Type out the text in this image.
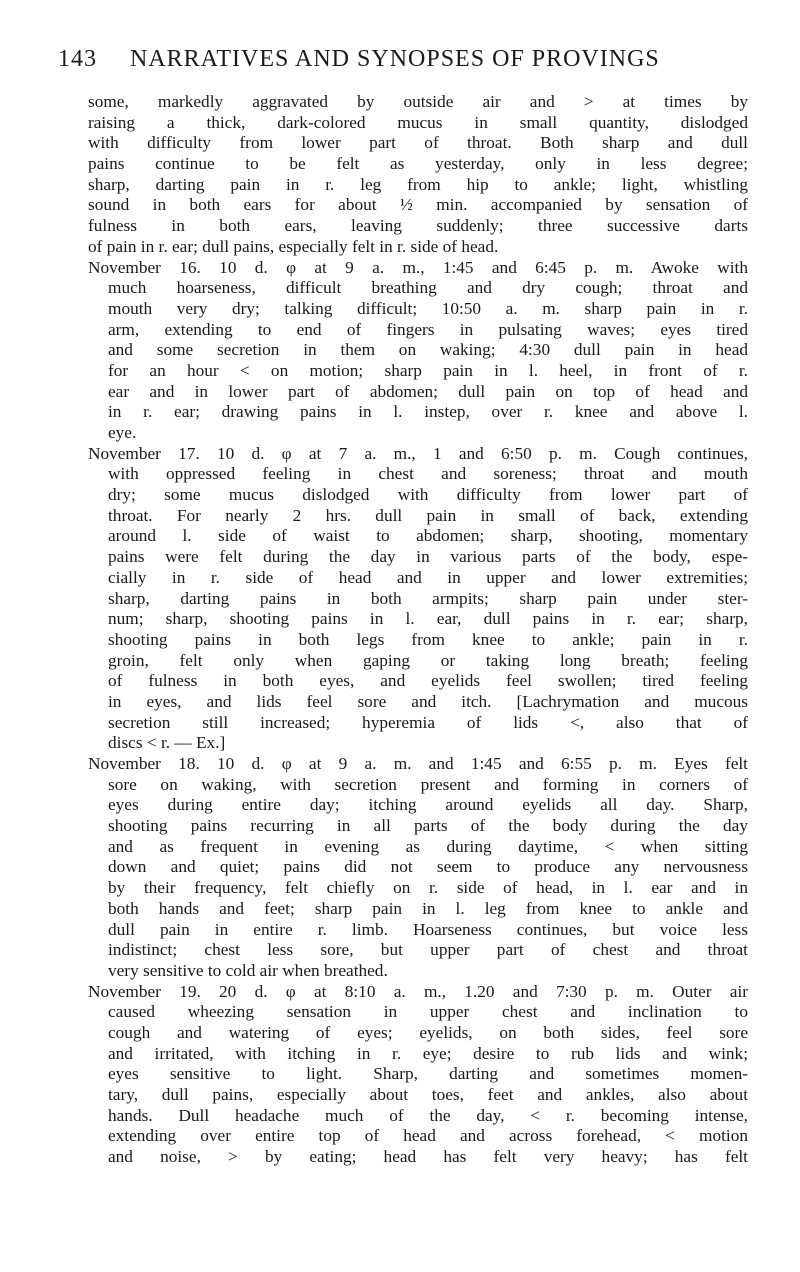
143 NARRATIVES AND SYNOPSES OF PROVINGS
some, markedly aggravated by outside air and > at times by
raising a thick, dark-colored mucus in small quantity, dislodged
with difficulty from lower part of throat. Both sharp and dull
pains continue to be felt as yesterday, only in less degree;
sharp, darting pain in r. leg from hip to ankle; light, whistling
sound in both ears for about ½ min. accompanied by sensation of
fulness in both ears, leaving suddenly; three successive darts
of pain in r. ear; dull pains, especially felt in r. side of head.
November 16. 10 d. φ at 9 a. m., 1:45 and 6:45 p. m. Awoke with
much hoarseness, difficult breathing and dry cough; throat and
mouth very dry; talking difficult; 10:50 a. m. sharp pain in r.
arm, extending to end of fingers in pulsating waves; eyes tired
and some secretion in them on waking; 4:30 dull pain in head
for an hour < on motion; sharp pain in l. heel, in front of r.
ear and in lower part of abdomen; dull pain on top of head and
in r. ear; drawing pains in l. instep, over r. knee and above l.
eye.
November 17. 10 d. φ at 7 a. m., 1 and 6:50 p. m. Cough continues,
with oppressed feeling in chest and soreness; throat and mouth
dry; some mucus dislodged with difficulty from lower part of
throat. For nearly 2 hrs. dull pain in small of back, extending
around l. side of waist to abdomen; sharp, shooting, momentary
pains were felt during the day in various parts of the body, espe-
cially in r. side of head and in upper and lower extremities;
sharp, darting pains in both armpits; sharp pain under ster-
num; sharp, shooting pains in l. ear, dull pains in r. ear; sharp,
shooting pains in both legs from knee to ankle; pain in r.
groin, felt only when gaping or taking long breath; feeling
of fulness in both eyes, and eyelids feel swollen; tired feeling
in eyes, and lids feel sore and itch. [Lachrymation and mucous
secretion still increased; hyperemia of lids <, also that of
discs < r. — Ex.]
November 18. 10 d. φ at 9 a. m. and 1:45 and 6:55 p. m. Eyes felt
sore on waking, with secretion present and forming in corners of
eyes during entire day; itching around eyelids all day. Sharp,
shooting pains recurring in all parts of the body during the day
and as frequent in evening as during daytime, < when sitting
down and quiet; pains did not seem to produce any nervousness
by their frequency, felt chiefly on r. side of head, in l. ear and in
both hands and feet; sharp pain in l. leg from knee to ankle and
dull pain in entire r. limb. Hoarseness continues, but voice less
indistinct; chest less sore, but upper part of chest and throat
very sensitive to cold air when breathed.
November 19. 20 d. φ at 8:10 a. m., 1.20 and 7:30 p. m. Outer air
caused wheezing sensation in upper chest and inclination to
cough and watering of eyes; eyelids, on both sides, feel sore
and irritated, with itching in r. eye; desire to rub lids and wink;
eyes sensitive to light. Sharp, darting and sometimes momen-
tary, dull pains, especially about toes, feet and ankles, also about
hands. Dull headache much of the day, < r. becoming intense,
extending over entire top of head and across forehead, < motion
and noise, > by eating; head has felt very heavy; has felt
